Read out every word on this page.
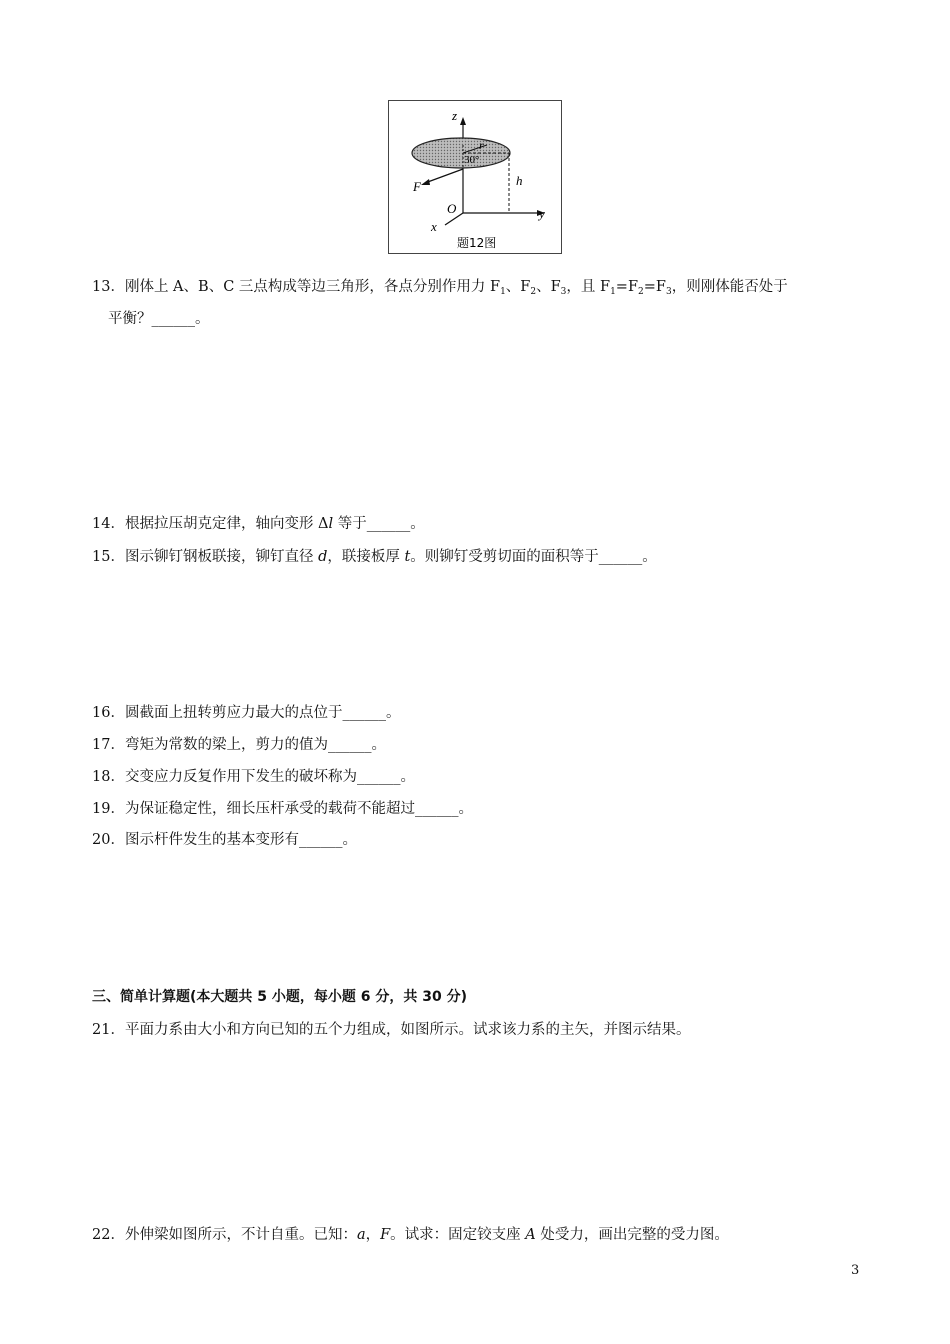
z
y
x
O
F	h
r
30°
题12图
13．刚体上 A、B、C 三点构成等边三角形，各点分别作用力 $F_1$、$F_2$、$F_3$，且 $F_1=F_2=F_3$，则刚体能否处于
平衡？______。
14．根据拉压胡克定律，轴向变形 Δl 等于______。
15．图示铆钉钢板联接，铆钉直径 d，联接板厚 t。则铆钉受剪切面的面积等于______。
16．圆截面上扭转剪应力最大的点位于______。
17．弯矩为常数的梁上，剪力的值为______。
18．交变应力反复作用下发生的破坏称为______。
19．为保证稳定性，细长压杆承受的载荷不能超过______。
20．图示杆件发生的基本变形有______。
三、简单计算题(本大题共 5 小题，每小题 6 分，共 30 分)
21．平面力系由大小和方向已知的五个力组成，如图所示。试求该力系的主矢，并图示结果。
22．外伸梁如图所示，不计自重。已知：a，F。试求：固定铰支座 A 处受力，画出完整的受力图。
3
